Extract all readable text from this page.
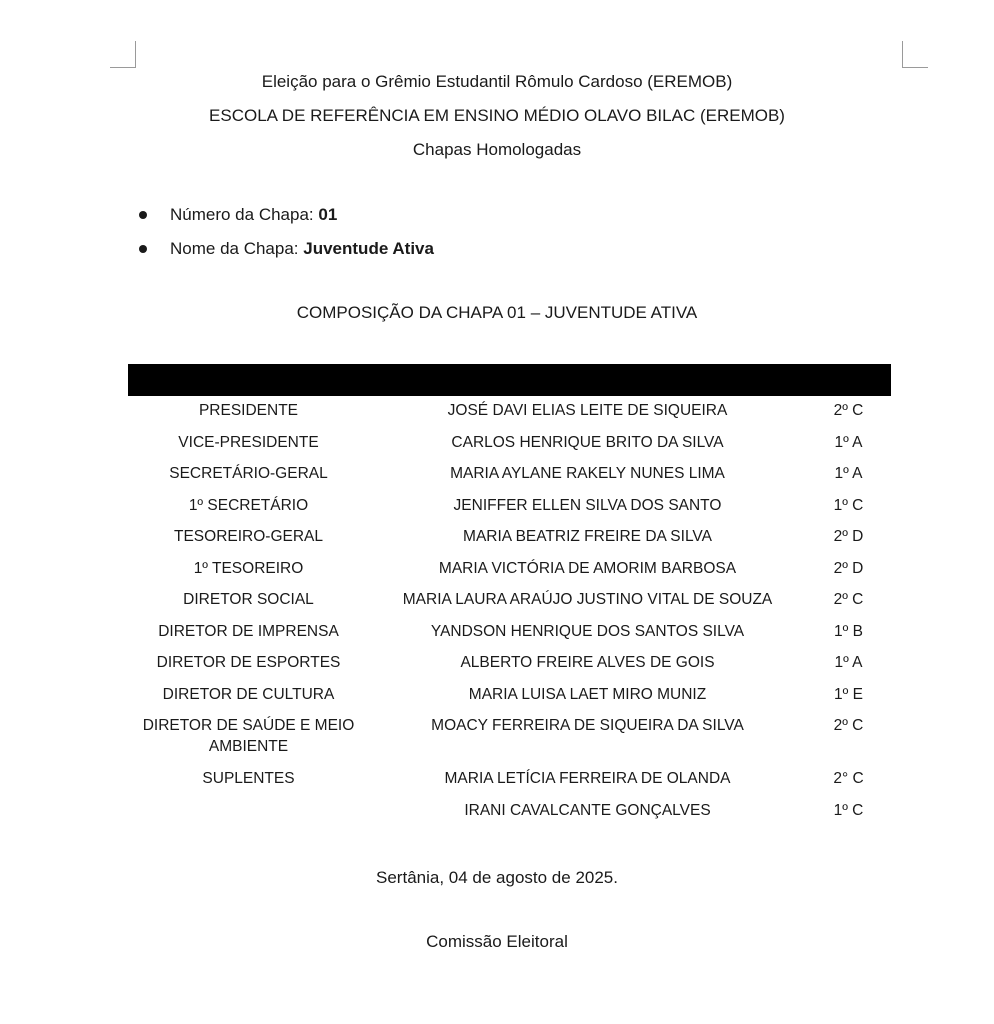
Eleição para o Grêmio Estudantil Rômulo Cardoso (EREMOB)
ESCOLA DE REFERÊNCIA EM ENSINO MÉDIO OLAVO BILAC (EREMOB)
Chapas Homologadas
Número da Chapa: 01
Nome da Chapa: Juventude Ativa
COMPOSIÇÃO DA CHAPA 01 – JUVENTUDE ATIVA

PRESIDENTE	JOSÉ DAVI ELIAS LEITE DE SIQUEIRA	2º C
VICE-PRESIDENTE	CARLOS HENRIQUE BRITO DA SILVA	1º A
SECRETÁRIO-GERAL	MARIA AYLANE RAKELY NUNES LIMA	1º A
1º SECRETÁRIO	JENIFFER ELLEN SILVA DOS SANTO	1º C
TESOREIRO-GERAL	MARIA BEATRIZ FREIRE DA SILVA	2º D
1º TESOREIRO	MARIA VICTÓRIA DE AMORIM BARBOSA	2º D
DIRETOR SOCIAL	MARIA LAURA ARAÚJO JUSTINO VITAL DE SOUZA	2º C
DIRETOR DE IMPRENSA	YANDSON HENRIQUE DOS SANTOS SILVA	1º B
DIRETOR DE ESPORTES	ALBERTO FREIRE ALVES DE GOIS	1º A
DIRETOR DE CULTURA	MARIA LUISA LAET MIRO MUNIZ	1º E
DIRETOR DE SAÚDE E MEIO AMBIENTE	MOACY FERREIRA DE SIQUEIRA DA SILVA	2º C
SUPLENTES	MARIA LETÍCIA FERREIRA DE OLANDA	2° C
	IRANI CAVALCANTE GONÇALVES	1º C
Sertânia, 04 de agosto de 2025.
Comissão Eleitoral
